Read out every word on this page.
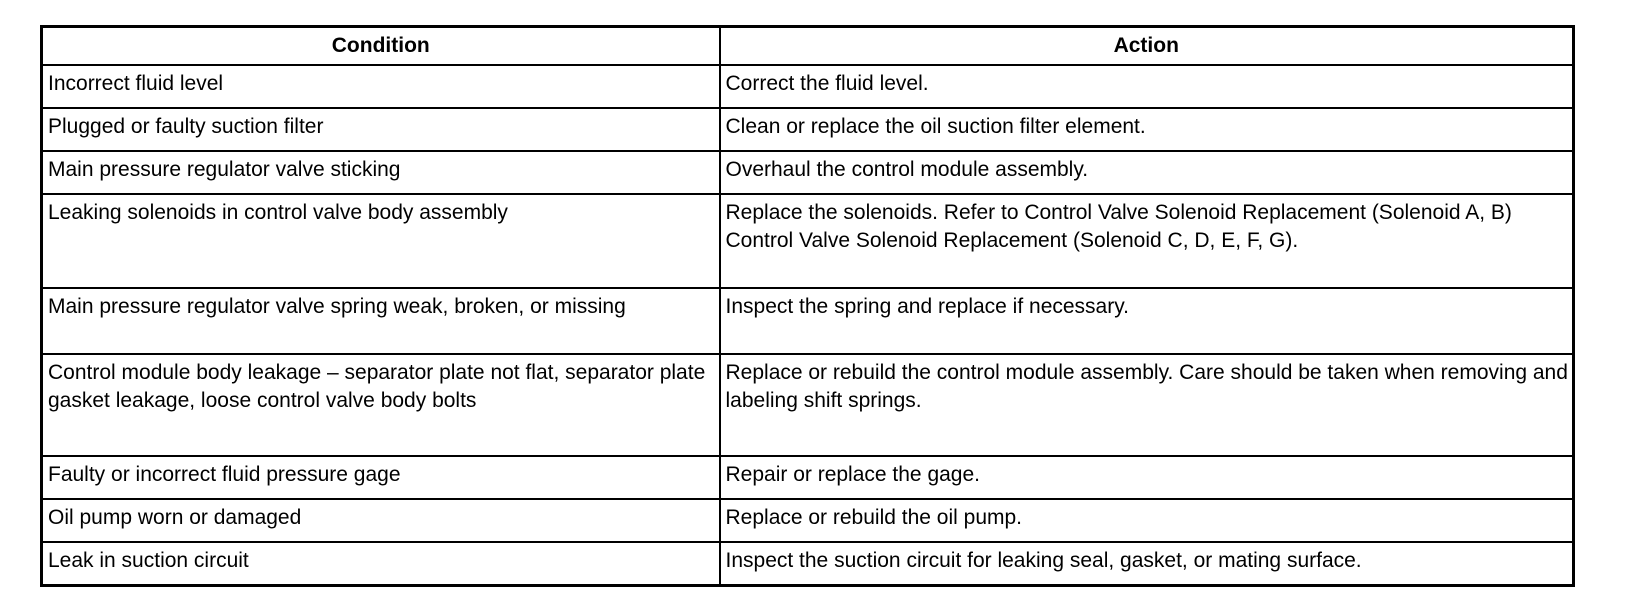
Condition	Action
Incorrect fluid level	Correct the fluid level.
Plugged or faulty suction filter	Clean or replace the oil suction filter element.
Main pressure regulator valve sticking	Overhaul the control module assembly.
Leaking solenoids in control valve body assembly	Replace the solenoids. Refer to Control Valve Solenoid Replacement (Solenoid A, B) Control Valve Solenoid Replacement (Solenoid C, D, E, F, G).
Main pressure regulator valve spring weak, broken, or missing	Inspect the spring and replace if necessary.
Control module body leakage – separator plate not flat, separator plate gasket leakage, loose control valve body bolts	Replace or rebuild the control module assembly. Care should be taken when removing and labeling shift springs.
Faulty or incorrect fluid pressure gage	Repair or replace the gage.
Oil pump worn or damaged	Replace or rebuild the oil pump.
Leak in suction circuit	Inspect the suction circuit for leaking seal, gasket, or mating surface.
